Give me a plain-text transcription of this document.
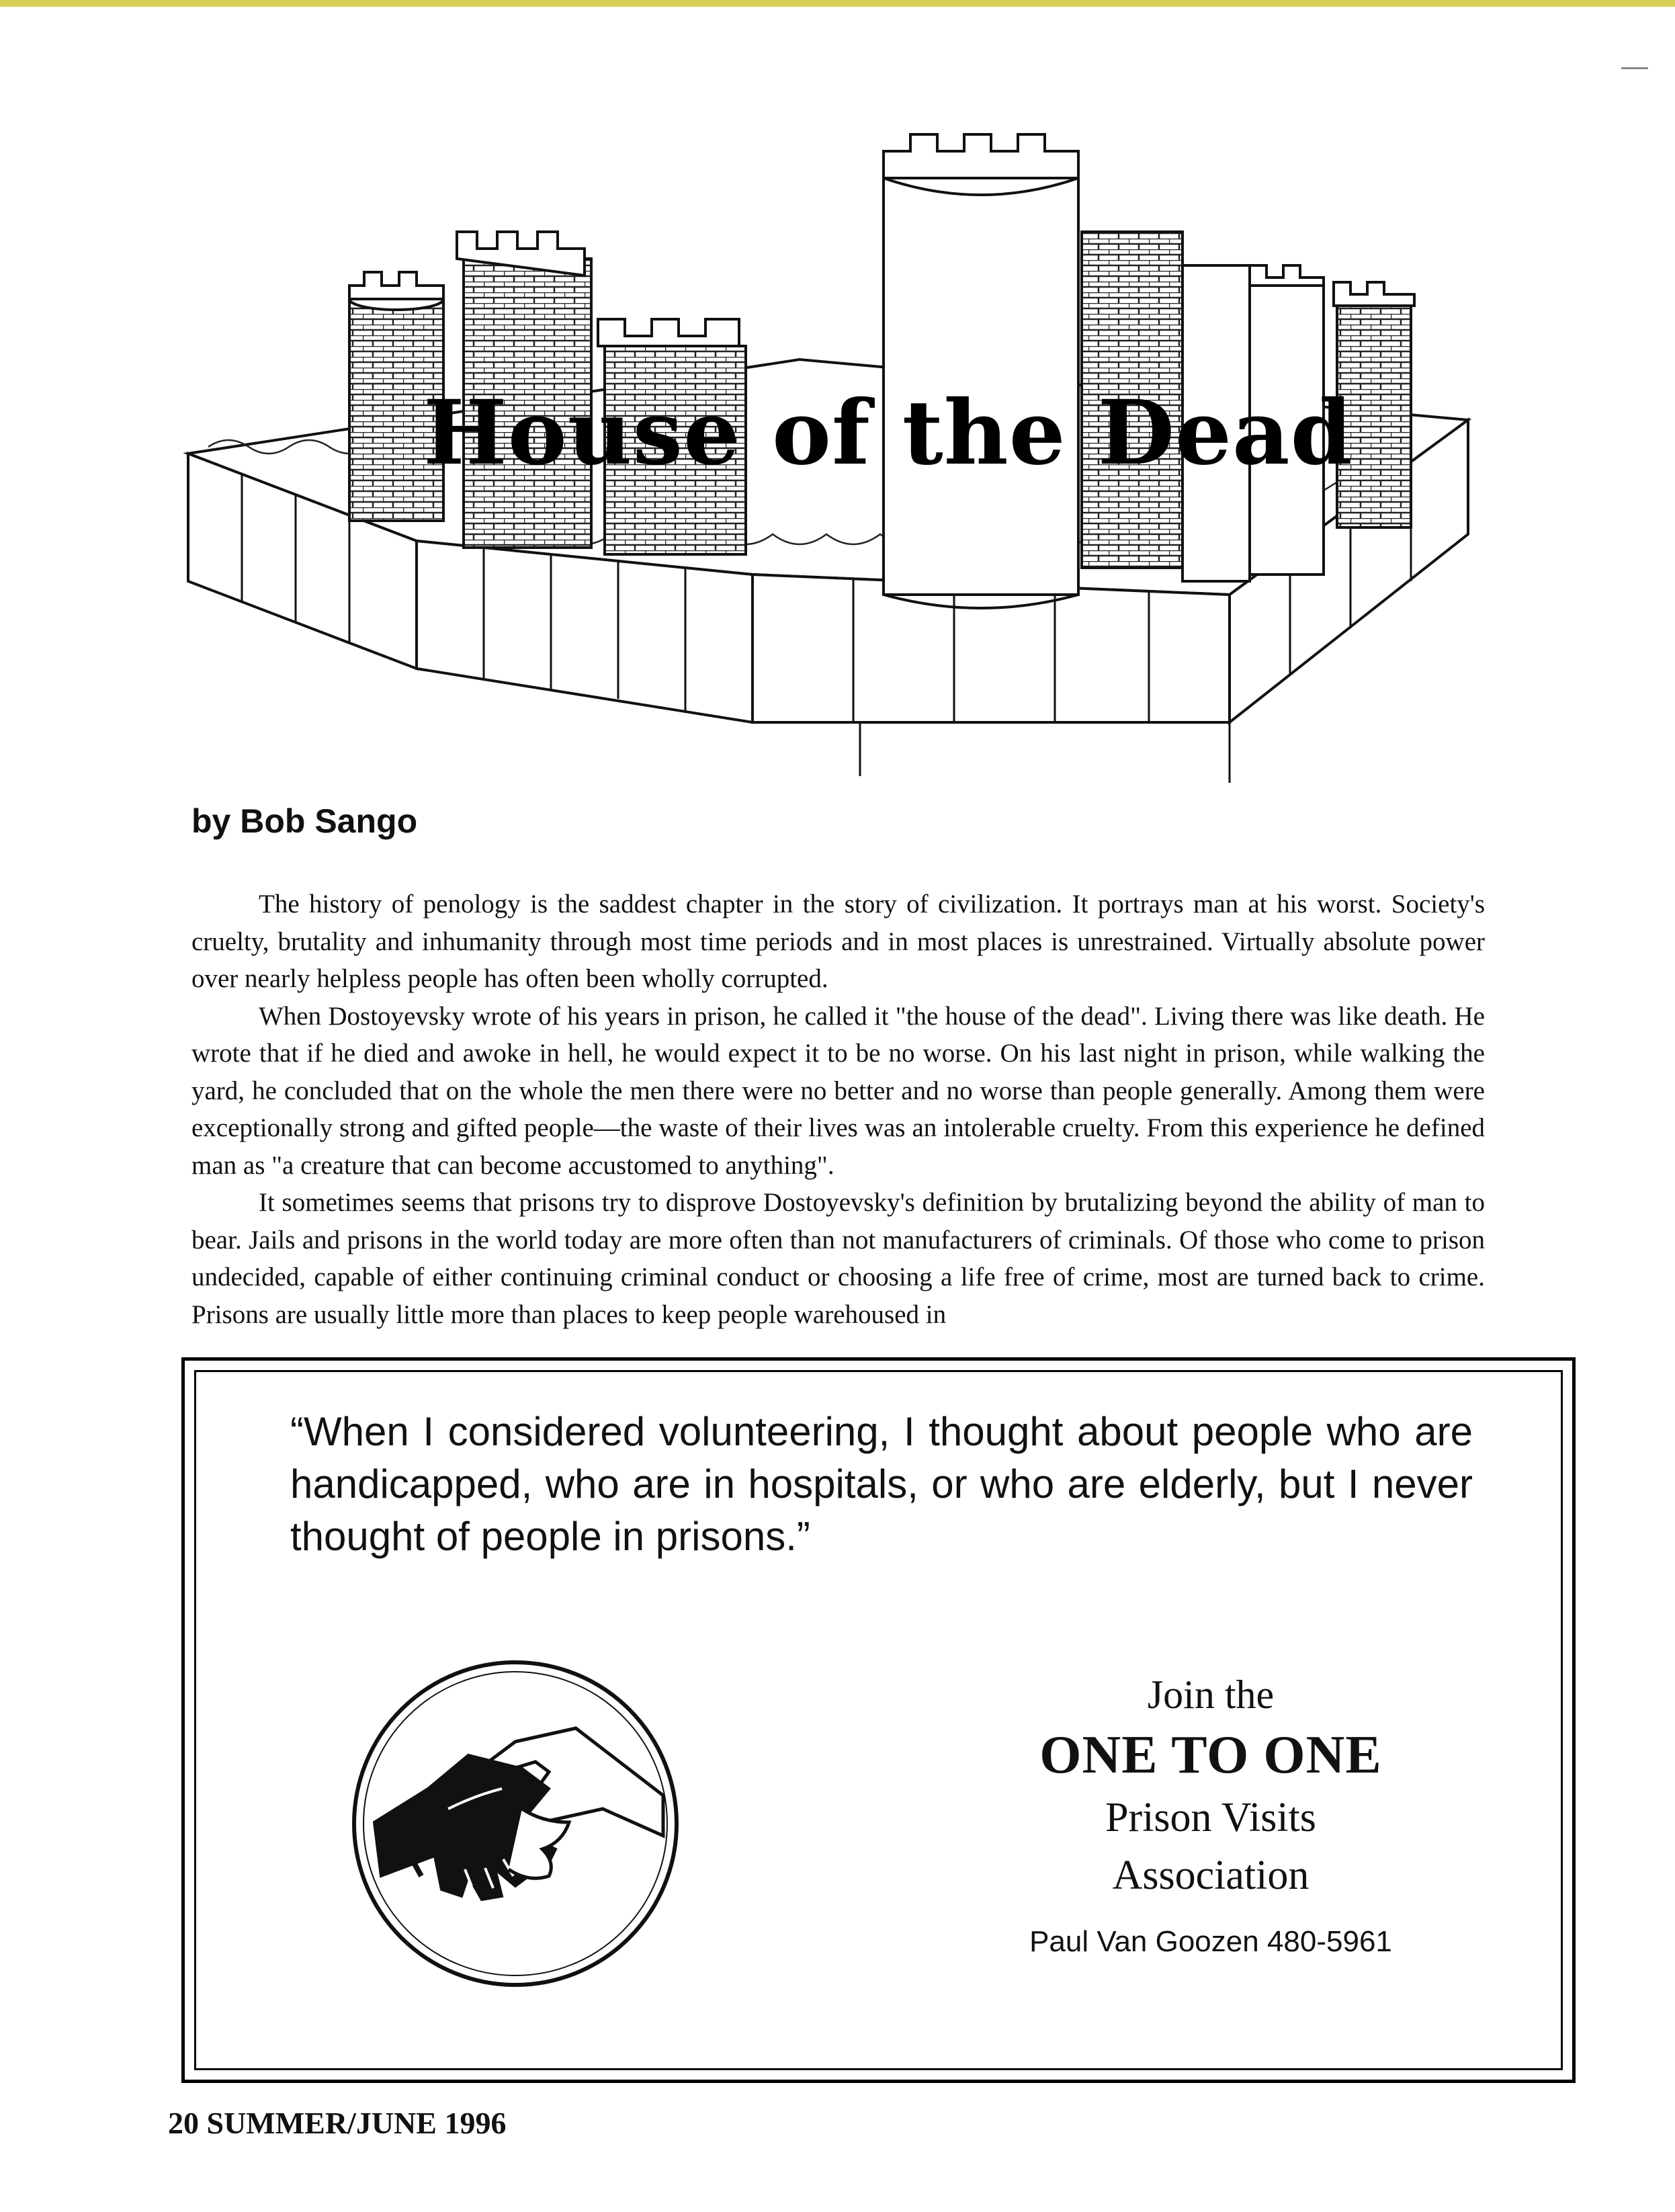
House of the Dead
by Bob Sango

The history of penology is the saddest chapter in the story of civilization. It portrays man at his worst. Society's cruelty, brutality and inhumanity through most time periods and in most places is unrestrained. Virtually absolute power over nearly helpless people has often been wholly corrupted.

When Dostoyevsky wrote of his years in prison, he called it "the house of the dead". Living there was like death. He wrote that if he died and awoke in hell, he would expect it to be no worse. On his last night in prison, while walking the yard, he concluded that on the whole the men there were no better and no worse than people generally. Among them were exceptionally strong and gifted people—the waste of their lives was an intolerable cruelty. From this experience he defined man as "a creature that can become accustomed to anything".

It sometimes seems that prisons try to disprove Dostoyevsky's definition by brutalizing beyond the ability of man to bear. Jails and prisons in the world today are more often than not manufacturers of criminals. Of those who come to prison undecided, capable of either continuing criminal conduct or choosing a life free of crime, most are turned back to crime. Prisons are usually little more than places to keep people warehoused in

“When I considered volunteering, I thought about people who are handicapped, who are in hospitals, or who are elderly, but I never thought of people in prisons.”
Join the
ONE TO ONE
Prison Visits
Association
Paul Van Goozen 480-5961
20 SUMMER/JUNE 1996
